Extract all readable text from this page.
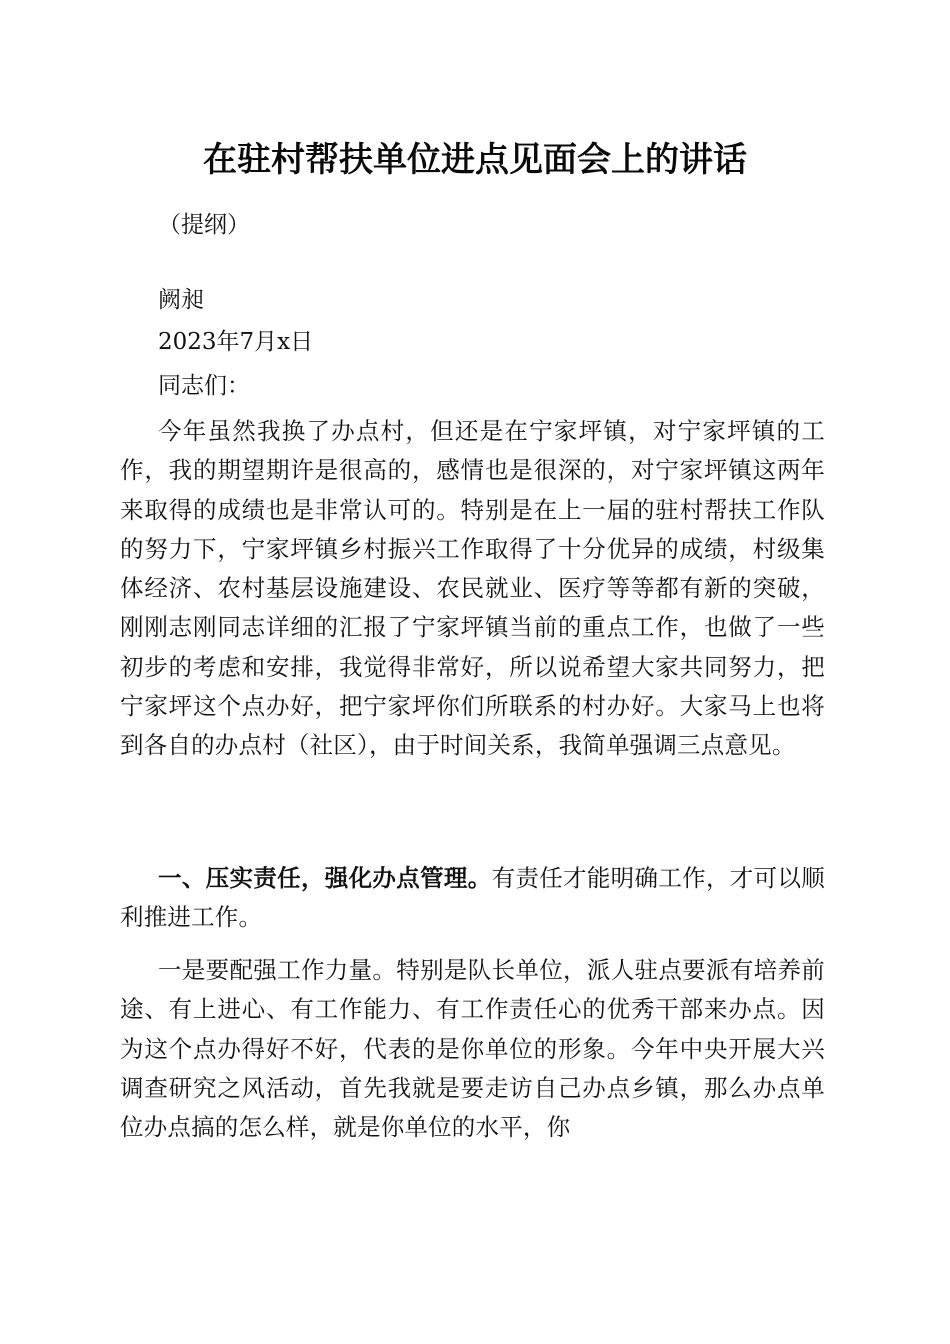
在驻村帮扶单位进点见面会上的讲话

（提纲）

阙昶

2023年7月x日

同志们：

今年虽然我换了办点村，但还是在宁家坪镇，对宁家坪镇的工作，我的期望期许是很高的，感情也是很深的，对宁家坪镇这两年来取得的成绩也是非常认可的。特别是在上一届的驻村帮扶工作队的努力下，宁家坪镇乡村振兴工作取得了十分优异的成绩，村级集体经济、农村基层设施建设、农民就业、医疗等等都有新的突破，刚刚志刚同志详细的汇报了宁家坪镇当前的重点工作，也做了一些初步的考虑和安排，我觉得非常好，所以说希望大家共同努力，把宁家坪这个点办好，把宁家坪你们所联系的村办好。大家马上也将到各自的办点村（社区），由于时间关系，我简单强调三点意见。

一、压实责任，强化办点管理。有责任才能明确工作，才可以顺利推进工作。

一是要配强工作力量。特别是队长单位，派人驻点要派有培养前途、有上进心、有工作能力、有工作责任心的优秀干部来办点。因为这个点办得好不好，代表的是你单位的形象。今年中央开展大兴调查研究之风活动，首先我就是要走访自己办点乡镇，那么办点单位办点搞的怎么样，就是你单位的水平，你
